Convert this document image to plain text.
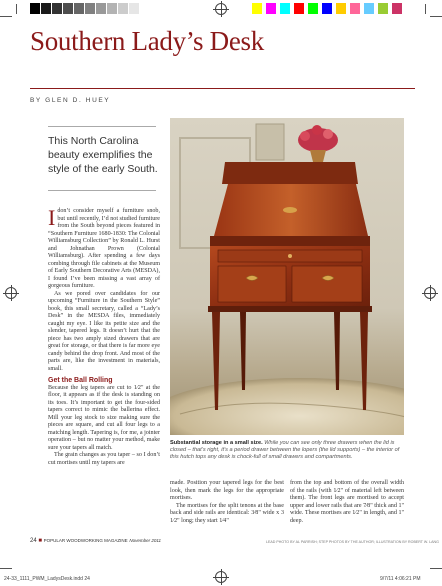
Southern Lady’s Desk
BY GLEN D. HUEY
This North Carolina beauty exemplifies the style of the early South.

Idon’t consider myself a furniture snob, but until recently, I’d not studied furniture from the South beyond pieces featured in “Southern Furniture 1680-1830: The Colonial Williamsburg Collection” by Ronald L. Hurst and Johnathan Prown (Colonial Williamsburg). After spending a few days combing through file cabinets at the Museum of Early Southern Decorative Arts (MESDA), I found I’ve been missing a vast array of gorgeous furniture.

As we pored over candidates for our upcoming “Furniture in the Southern Style” book, this small secretary, called a “Lady’s Desk” in the MESDA files, immediately caught my eye. I like its petite size and the slender, tapered legs. It doesn’t hurt that the piece has two amply sized drawers that are great for storage, or that there is far more eye candy behind the drop front. And most of the parts are, like the investment in materials, small.

Get the Ball Rolling

Because the leg tapers are cut to 1⁄2" at the floor, it appears as if the desk is standing on its toes. It’s important to get the four-sided tapers correct to mimic the ballerina effect. Mill your leg stock to size making sure the pieces are square, and cut all four legs to a matching length. Tapering is, for me, a jointer operation – but no matter your method, make sure your tapers all match.

The grain changes as you taper – so I don’t cut mortises until my tapers are

Substantial storage in a small size. While you can see only three drawers when the lid is closed – that’s right, it’s a period drawer between the lopers (the lid supports) – the interior of this hutch tops any desk is chock-full of small drawers and compartments.

made. Position your tapered legs for the best look, then mark the legs for the appropriate mortises.

The mortises for the split tenons at the base back and side rails are identical: 3⁄8" wide x 3 1⁄2" long; they start 1⁄4"

from the top and bottom of the overall width of the rails (with 1⁄2" of material left between them). The front legs are mortised to accept upper and lower rails that are 7⁄8" thick and 1" wide. These mortises are 1⁄2" in length, and 1" deep.

24 ■ POPULAR WOODWORKING MAGAZINE November 2011	LEAD PHOTO BY AL PARRISH; STEP PHOTOS BY THE AUTHOR; ILLUSTRATION BY ROBERT W. LANG
24-33_1111_PWM_LadysDesk.indd 24	9/7/11 4:06:21 PM
